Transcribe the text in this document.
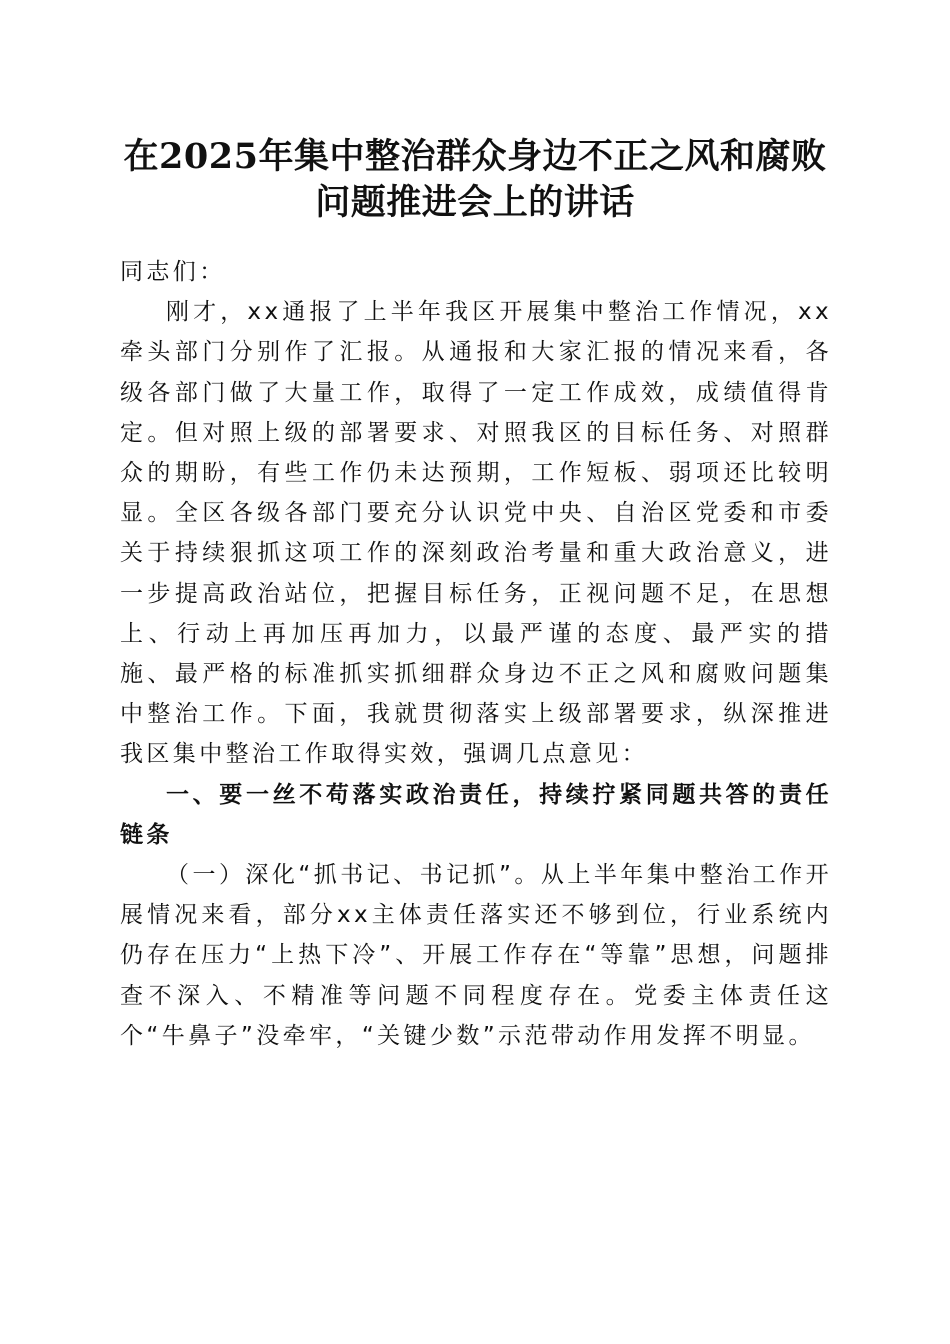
在2025年集中整治群众身边不正之风和腐败
问题推进会上的讲话

同志们：

刚才，xx通报了上半年我区开展集中整治工作情况，xx牵头部门分别作了汇报。从通报和大家汇报的情况来看，各级各部门做了大量工作，取得了一定工作成效，成绩值得肯定。但对照上级的部署要求、对照我区的目标任务、对照群众的期盼，有些工作仍未达预期，工作短板、弱项还比较明显。全区各级各部门要充分认识党中央、自治区党委和市委关于持续狠抓这项工作的深刻政治考量和重大政治意义，进一步提高政治站位，把握目标任务，正视问题不足，在思想上、行动上再加压再加力，以最严谨的态度、最严实的措施、最严格的标准抓实抓细群众身边不正之风和腐败问题集中整治工作。下面，我就贯彻落实上级部署要求，纵深推进我区集中整治工作取得实效，强调几点意见：

一、要一丝不苟落实政治责任，持续拧紧同题共答的责任链条

（一）深化“抓书记、书记抓”。从上半年集中整治工作开展情况来看，部分xx主体责任落实还不够到位，行业系统内仍存在压力“上热下冷”、开展工作存在“等靠”思想，问题排查不深入、不精准等问题不同程度存在。党委主体责任这个“牛鼻子”没牵牢，“关键少数”示范带动作用发挥不明显。
